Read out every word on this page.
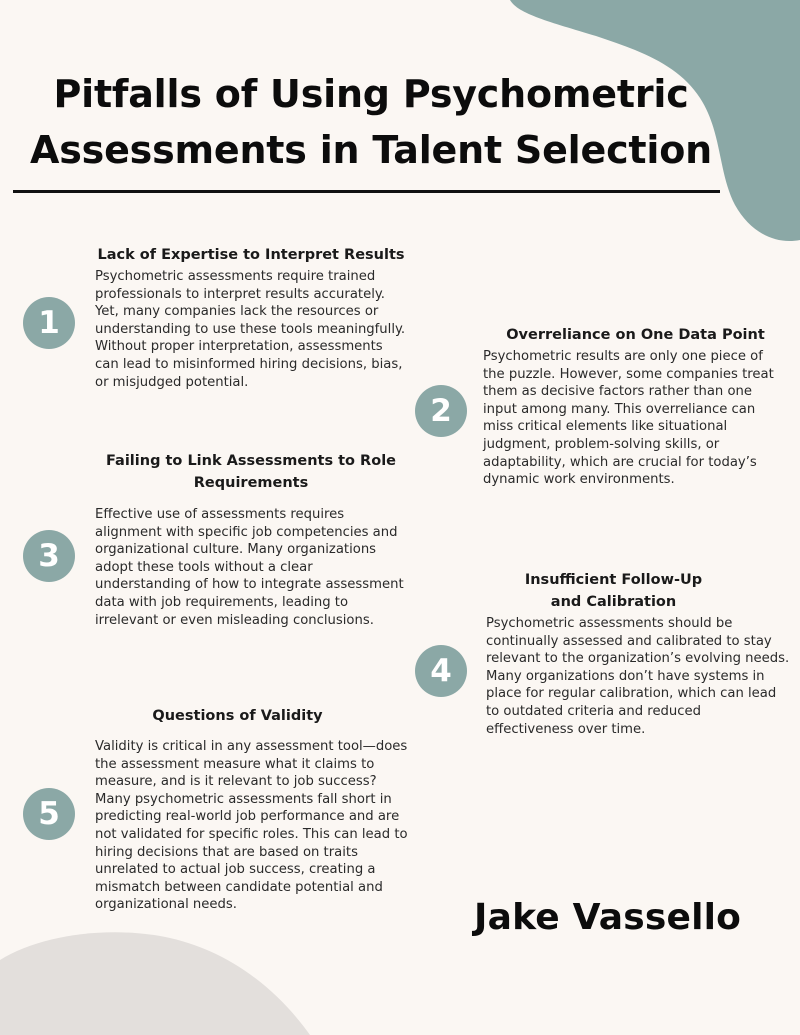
Pitfalls of Using Psychometric
Assessments in Talent Selection
1
Lack of Expertise to Interpret Results

Psychometric assessments require trained professionals to interpret results accurately. Yet, many companies lack the resources or understanding to use these tools meaningfully. Without proper interpretation, assessments can lead to misinformed hiring decisions, bias, or misjudged potential.

2
Overreliance on One Data Point

Psychometric results are only one piece of the puzzle. However, some companies treat them as decisive factors rather than one input among many. This overreliance can miss critical elements like situational judgment, problem-solving skills, or adaptability, which are crucial for today’s dynamic work environments.

3
Failing to Link Assessments to Role
Requirements

Effective use of assessments requires alignment with specific job competencies and organizational culture. Many organizations adopt these tools without a clear understanding of how to integrate assessment data with job requirements, leading to irrelevant or even misleading conclusions.

4
Insufficient Follow-Up
and Calibration

Psychometric assessments should be continually assessed and calibrated to stay relevant to the organization’s evolving needs. Many organizations don’t have systems in place for regular calibration, which can lead to outdated criteria and reduced effectiveness over time.

5
Questions of Validity

Validity is critical in any assessment tool—does the assessment measure what it claims to measure, and is it relevant to job success? Many psychometric assessments fall short in predicting real-world job performance and are not validated for specific roles. This can lead to hiring decisions that are based on traits unrelated to actual job success, creating a mismatch between candidate potential and organizational needs.	Jake Vassello
